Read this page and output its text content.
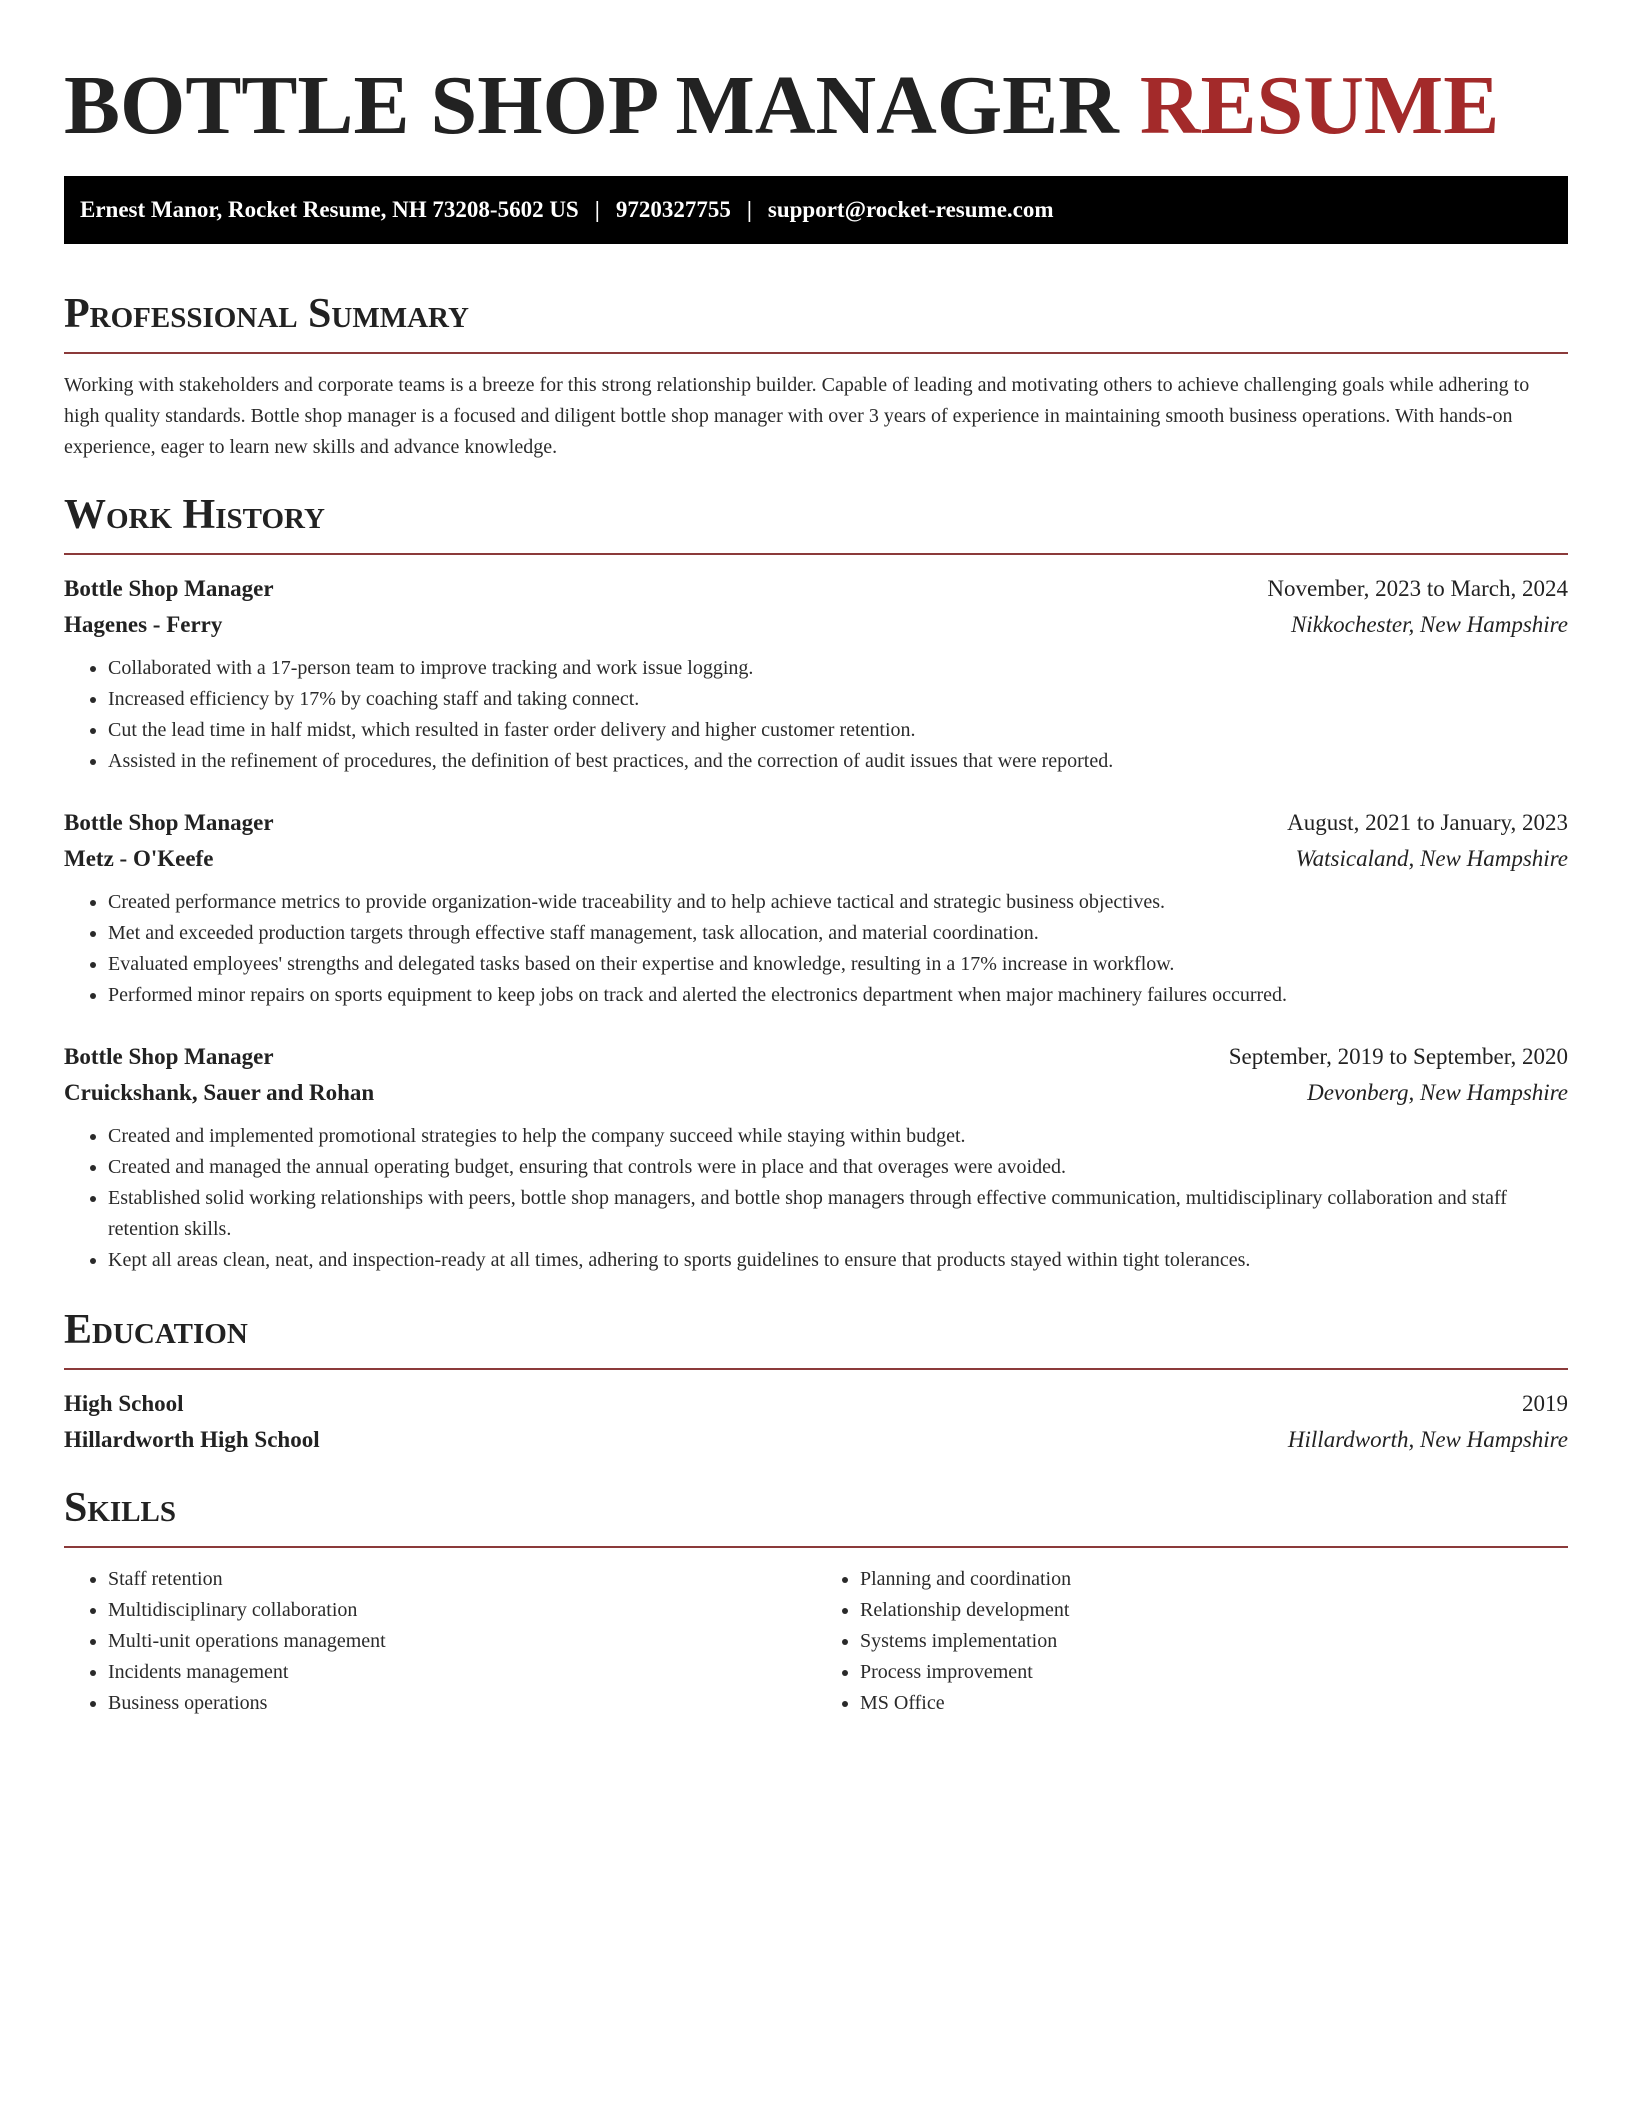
BOTTLE SHOP MANAGER RESUME
Ernest Manor, Rocket Resume, NH 73208-5602 US | 9720327755 | support@rocket-resume.com
Professional Summary

Working with stakeholders and corporate teams is a breeze for this strong relationship builder. Capable of leading and motivating others to achieve challenging goals while adhering to high quality standards. Bottle shop manager is a focused and diligent bottle shop manager with over 3 years of experience in maintaining smooth business operations. With hands-on experience, eager to learn new skills and advance knowledge.

Work History
Bottle Shop Manager	November, 2023 to March, 2024
Hagenes - Ferry	Nikkochester, New Hampshire
• Collaborated with a 17-person team to improve tracking and work issue logging.
• Increased efficiency by 17% by coaching staff and taking connect.
• Cut the lead time in half midst, which resulted in faster order delivery and higher customer retention.
• Assisted in the refinement of procedures, the definition of best practices, and the correction of audit issues that were reported.
Bottle Shop Manager	August, 2021 to January, 2023
Metz - O'Keefe	Watsicaland, New Hampshire
• Created performance metrics to provide organization-wide traceability and to help achieve tactical and strategic business objectives.
• Met and exceeded production targets through effective staff management, task allocation, and material coordination.
• Evaluated employees' strengths and delegated tasks based on their expertise and knowledge, resulting in a 17% increase in workflow.
• Performed minor repairs on sports equipment to keep jobs on track and alerted the electronics department when major machinery failures occurred.
Bottle Shop Manager	September, 2019 to September, 2020
Cruickshank, Sauer and Rohan	Devonberg, New Hampshire
• Created and implemented promotional strategies to help the company succeed while staying within budget.
• Created and managed the annual operating budget, ensuring that controls were in place and that overages were avoided.
• Established solid working relationships with peers, bottle shop managers, and bottle shop managers through effective communication, multidisciplinary collaboration and staff retention skills.
• Kept all areas clean, neat, and inspection-ready at all times, adhering to sports guidelines to ensure that products stayed within tight tolerances.
Education
High School	2019
Hillardworth High School	Hillardworth, New Hampshire
Skills
• Staff retention
• Multidisciplinary collaboration
• Multi-unit operations management
• Incidents management
• Business operations
• Planning and coordination
• Relationship development
• Systems implementation
• Process improvement
• MS Office
